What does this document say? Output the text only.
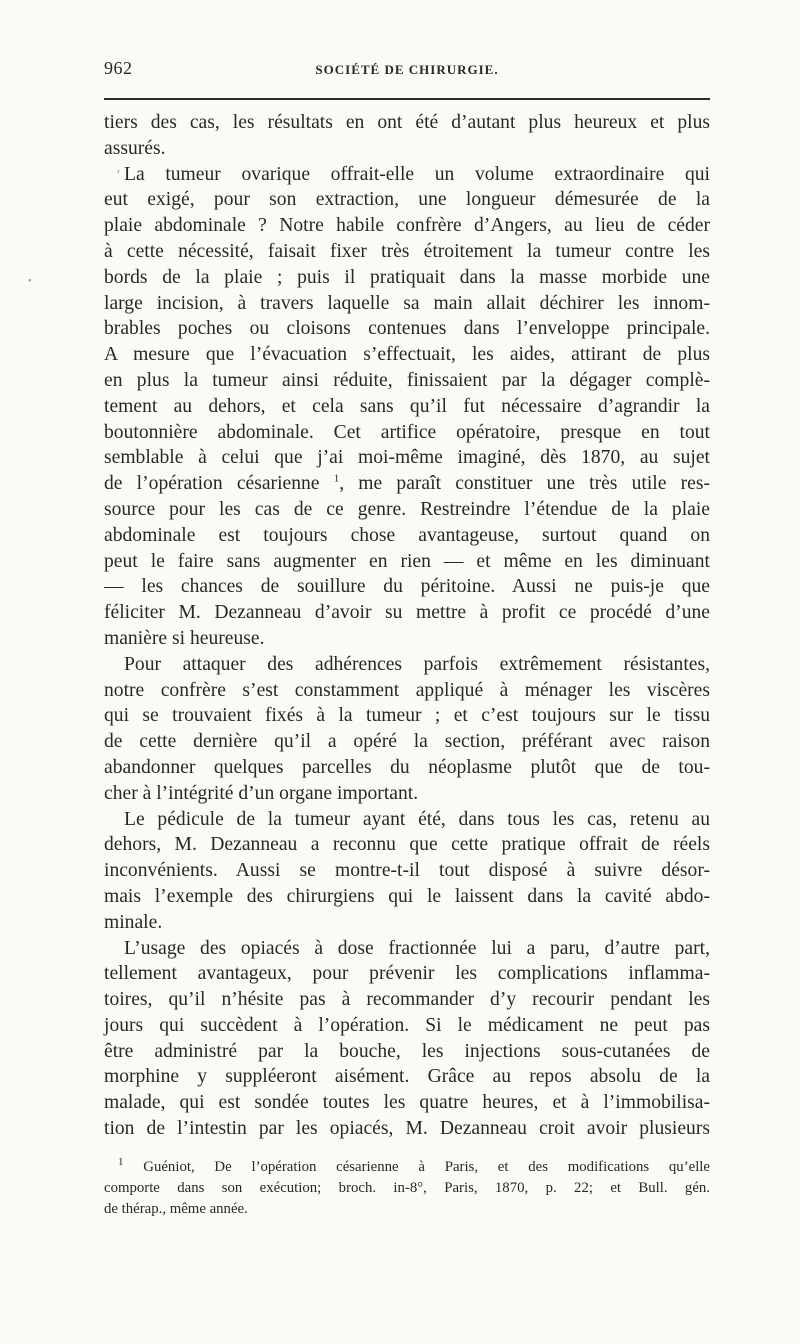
962	SOCIÉTÉ DE CHIRURGIE.
’
•
tiers des cas, les résultats en ont été d’autant plus heureux et plus
assurés.
La tumeur ovarique offrait-elle un volume extraordinaire qui
eut exigé, pour son extraction, une longueur démesurée de la
plaie abdominale ? Notre habile confrère d’Angers, au lieu de céder
à cette nécessité, faisait fixer très étroitement la tumeur contre les
bords de la plaie ; puis il pratiquait dans la masse morbide une
large incision, à travers laquelle sa main allait déchirer les innom-
brables poches ou cloisons contenues dans l’enveloppe principale.
A mesure que l’évacuation s’effectuait, les aides, attirant de plus
en plus la tumeur ainsi réduite, finissaient par la dégager complè-
tement au dehors, et cela sans qu’il fut nécessaire d’agrandir la
boutonnière abdominale. Cet artifice opératoire, presque en tout
semblable à celui que j’ai moi-même imaginé, dès 1870, au sujet
de l’opération césarienne $^1$, me paraît constituer une très utile res-
source pour les cas de ce genre. Restreindre l’étendue de la plaie
abdominale est toujours chose avantageuse, surtout quand on
peut le faire sans augmenter en rien — et même en les diminuant
— les chances de souillure du péritoine. Aussi ne puis-je que
féliciter M. Dezanneau d’avoir su mettre à profit ce procédé d’une
manière si heureuse.
Pour attaquer des adhérences parfois extrêmement résistantes,
notre confrère s’est constamment appliqué à ménager les viscères
qui se trouvaient fixés à la tumeur ; et c’est toujours sur le tissu
de cette dernière qu’il a opéré la section, préférant avec raison
abandonner quelques parcelles du néoplasme plutôt que de tou-
cher à l’intégrité d’un organe important.
Le pédicule de la tumeur ayant été, dans tous les cas, retenu au
dehors, M. Dezanneau a reconnu que cette pratique offrait de réels
inconvénients. Aussi se montre-t-il tout disposé à suivre désor-
mais l’exemple des chirurgiens qui le laissent dans la cavité abdo-
minale.
L’usage des opiacés à dose fractionnée lui a paru, d’autre part,
tellement avantageux, pour prévenir les complications inflamma-
toires, qu’il n’hésite pas à recommander d’y recourir pendant les
jours qui succèdent à l’opération. Si le médicament ne peut pas
être administré par la bouche, les injections sous-cutanées de
morphine y suppléeront aisément. Grâce au repos absolu de la
malade, qui est sondée toutes les quatre heures, et à l’immobilisa-
tion de l’intestin par les opiacés, M. Dezanneau croit avoir plusieurs
$^1$ Guéniot, De l’opération césarienne à Paris, et des modifications qu’elle
comporte dans son exécution; broch. in-8°, Paris, 1870, p. 22; et Bull. gén.
de thérap., même année.
